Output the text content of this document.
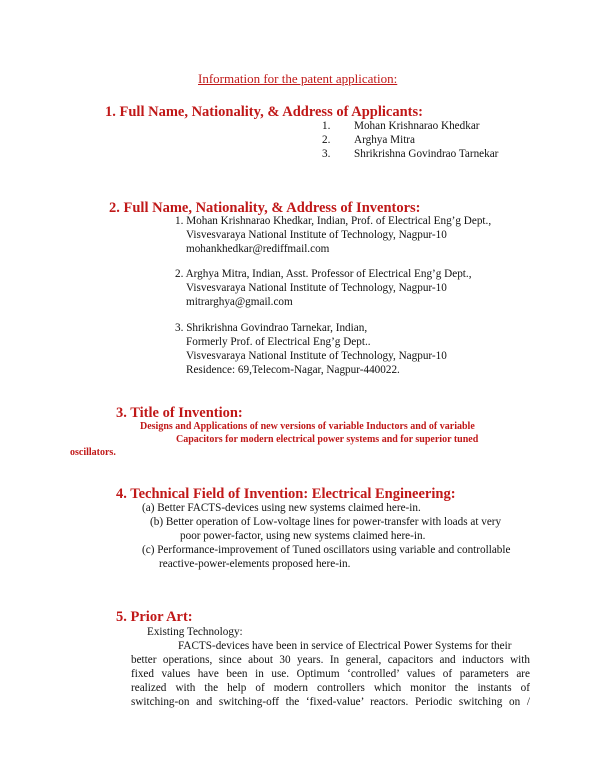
Information for the patent application:
1. Full Name, Nationality, & Address of Applicants:
1. Mohan Krishnarao Khedkar
2. Arghya Mitra
3. Shrikrishna Govindrao Tarnekar
2. Full Name, Nationality, & Address of Inventors:
1. Mohan Krishnarao Khedkar, Indian, Prof. of Electrical Eng’g Dept.,
Visvesvaraya National Institute of Technology, Nagpur-10
mohankhedkar@rediffmail.com
2. Arghya Mitra, Indian, Asst. Professor of Electrical Eng’g Dept.,
Visvesvaraya National Institute of Technology, Nagpur-10
mitrarghya@gmail.com
3. Shrikrishna Govindrao Tarnekar, Indian,
Formerly Prof. of Electrical Eng’g Dept..
Visvesvaraya National Institute of Technology, Nagpur-10
Residence: 69,Telecom-Nagar, Nagpur-440022.
3. Title of Invention:
Designs and Applications of new versions of variable Inductors and of variable
Capacitors for modern electrical power systems and for superior tuned
oscillators.
4. Technical Field of Invention: Electrical Engineering:
(a) Better FACTS-devices using new systems claimed here-in.
(b) Better operation of Low-voltage lines for power-transfer with loads at very
poor power-factor, using new systems claimed here-in.
(c) Performance-improvement of Tuned oscillators using variable and controllable
reactive-power-elements proposed here-in.
5. Prior Art:
Existing Technology:
FACTS-devices have been in service of Electrical Power Systems for their
better operations, since about 30 years. In general, capacitors and inductors with
fixed values have been in use. Optimum ‘controlled’ values of parameters are
realized with the help of modern controllers which monitor the instants of
switching-on and switching-off the ‘fixed-value’ reactors. Periodic switching on /
